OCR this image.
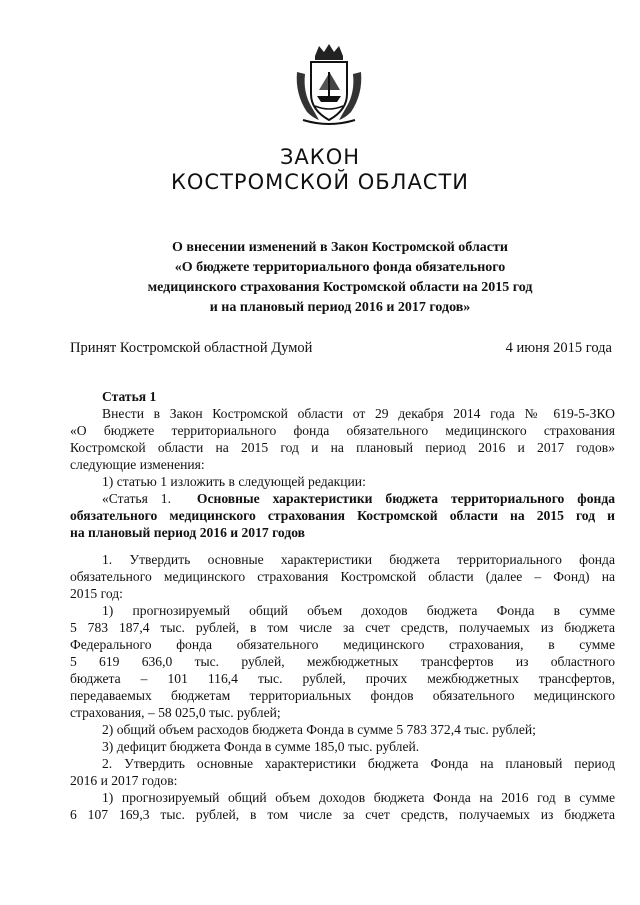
ЗАКОН
КОСТРОМСКОЙ ОБЛАСТИ
О внесении изменений в Закон Костромской области
«О бюджете территориального фонда обязательного
медицинского страхования Костромской области на 2015 год
и на плановый период 2016 и 2017 годов»
Принят Костромской областной Думой	4 июня 2015 года

Статья 1

Внести в Закон Костромской области от 29 декабря 2014 года № 619-5-ЗКО

«О бюджете территориального фонда обязательного медицинского страхования

Костромской области на 2015 год и на плановый период 2016 и 2017 годов»

следующие изменения:

1) статью 1 изложить в следующей редакции:

«Статья 1. Основные характеристики бюджета территориального фонда

обязательного медицинского страхования Костромской области на 2015 год и

на плановый период 2016 и 2017 годов

1. Утвердить основные характеристики бюджета территориального фонда

обязательного медицинского страхования Костромской области (далее – Фонд) на

2015 год:

1) прогнозируемый общий объем доходов бюджета Фонда в сумме

5 783 187,4 тыс. рублей, в том числе за счет средств, получаемых из бюджета

Федерального фонда обязательного медицинского страхования, в сумме

5 619 636,0 тыс. рублей, межбюджетных трансфертов из областного

бюджета – 101 116,4 тыс. рублей, прочих межбюджетных трансфертов,

передаваемых бюджетам территориальных фондов обязательного медицинского

страхования, – 58 025,0 тыс. рублей;

2) общий объем расходов бюджета Фонда в сумме 5 783 372,4 тыс. рублей;

3) дефицит бюджета Фонда в сумме 185,0 тыс. рублей.

2. Утвердить основные характеристики бюджета Фонда на плановый период

2016 и 2017 годов:

1) прогнозируемый общий объем доходов бюджета Фонда на 2016 год в сумме

6 107 169,3 тыс. рублей, в том числе за счет средств, получаемых из бюджета
